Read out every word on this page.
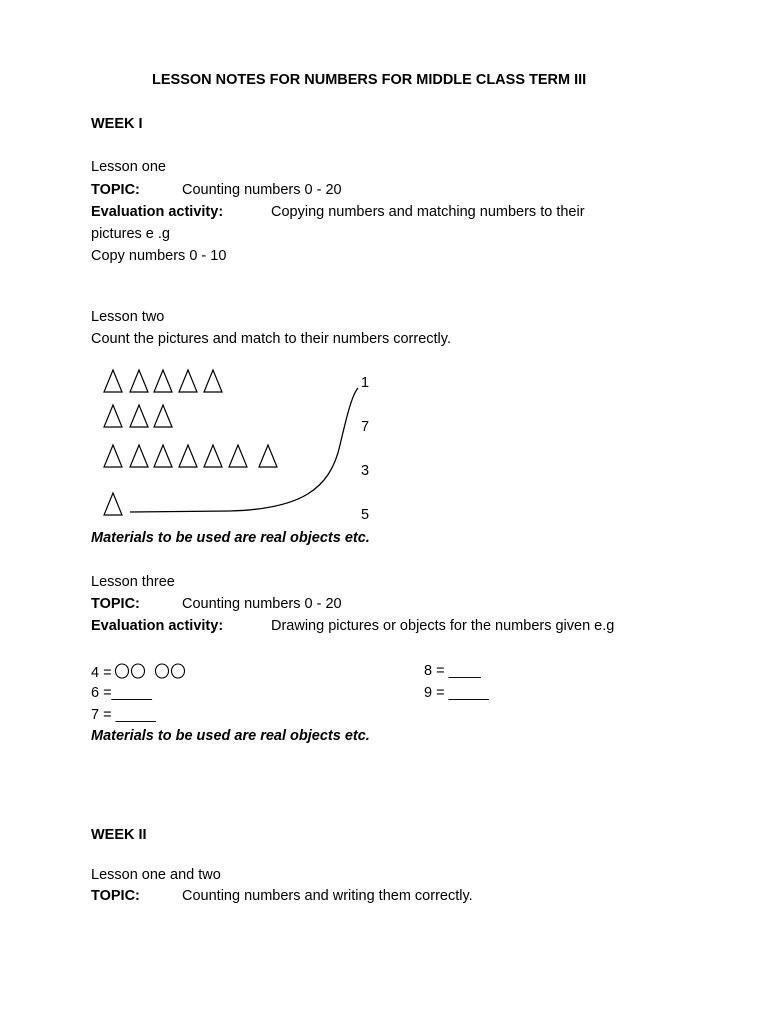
LESSON NOTES FOR NUMBERS FOR MIDDLE CLASS TERM III
WEEK I
Lesson one
TOPIC:	Counting numbers 0 - 20
Evaluation activity:	Copying numbers and matching numbers to their
pictures e .g
Copy numbers 0 - 10
Lesson two
Count the pictures and match to their numbers correctly.
1
7
3
5
Materials to be used are real objects etc.
Lesson three
TOPIC:	Counting numbers 0 - 20
Evaluation activity:	Drawing pictures or objects for the numbers given e.g
4 =
6 =_____
7 = _____
8 = ____
9 = _____
Materials to be used are real objects etc.
WEEK II
Lesson one and two
TOPIC:	Counting numbers and writing them correctly.
